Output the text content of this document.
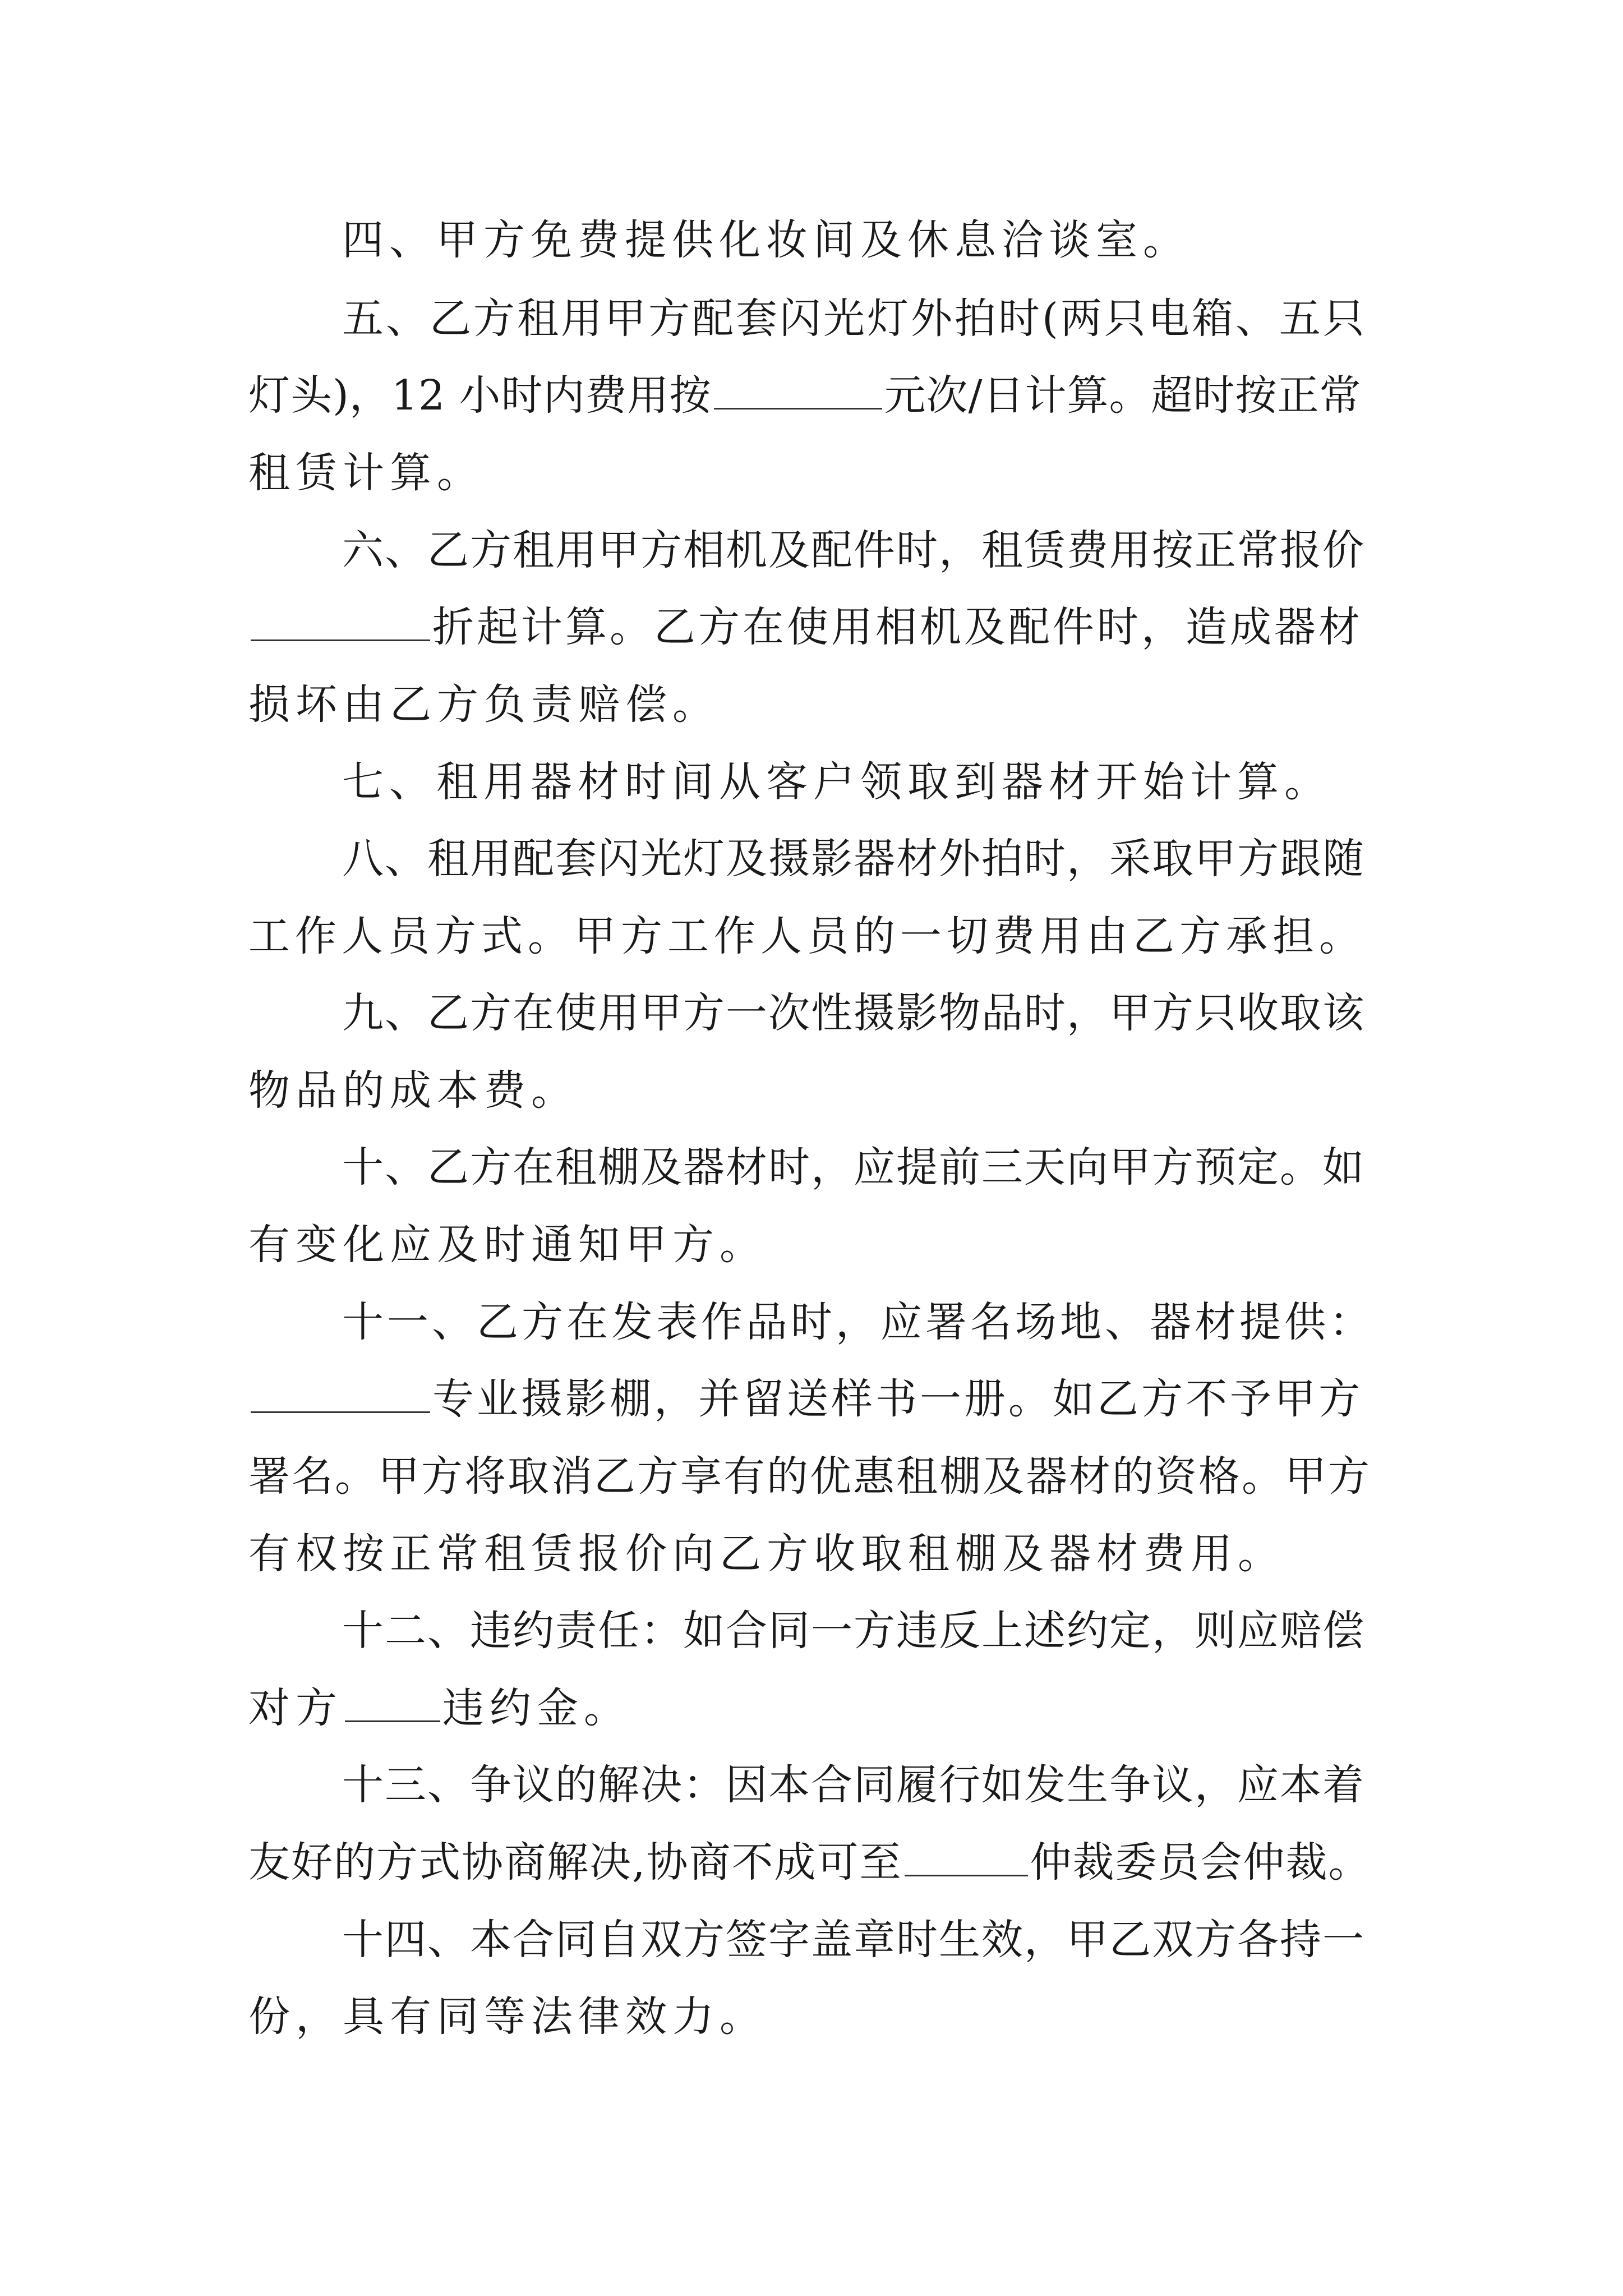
四、甲方免费提供化妆间及休息洽谈室。

五、乙方租用甲方配套闪光灯外拍时(两只电箱、五只

灯头)，12 小时内费用按	元次/日计算。超时按正常

租赁计算。

六、乙方租用甲方相机及配件时，租赁费用按正常报价

折起计算。乙方在使用相机及配件时，造成器材

损坏由乙方负责赔偿。

七、租用器材时间从客户领取到器材开始计算。

八、租用配套闪光灯及摄影器材外拍时，采取甲方跟随

工作人员方式。甲方工作人员的一切费用由乙方承担。

九、乙方在使用甲方一次性摄影物品时，甲方只收取该

物品的成本费。

十、乙方在租棚及器材时，应提前三天向甲方预定。如

有变化应及时通知甲方。

十一、乙方在发表作品时，应署名场地、器材提供：

专业摄影棚，并留送样书一册。如乙方不予甲方

署名。甲方将取消乙方享有的优惠租棚及器材的资格。甲方

有权按正常租赁报价向乙方收取租棚及器材费用。

十二、违约责任：如合同一方违反上述约定，则应赔偿

对方 违约金。

十三、争议的解决：因本合同履行如发生争议，应本着

友好的方式协商解决,协商不成可至	仲裁委员会仲裁。

十四、本合同自双方签字盖章时生效，甲乙双方各持一

份，具有同等法律效力。
